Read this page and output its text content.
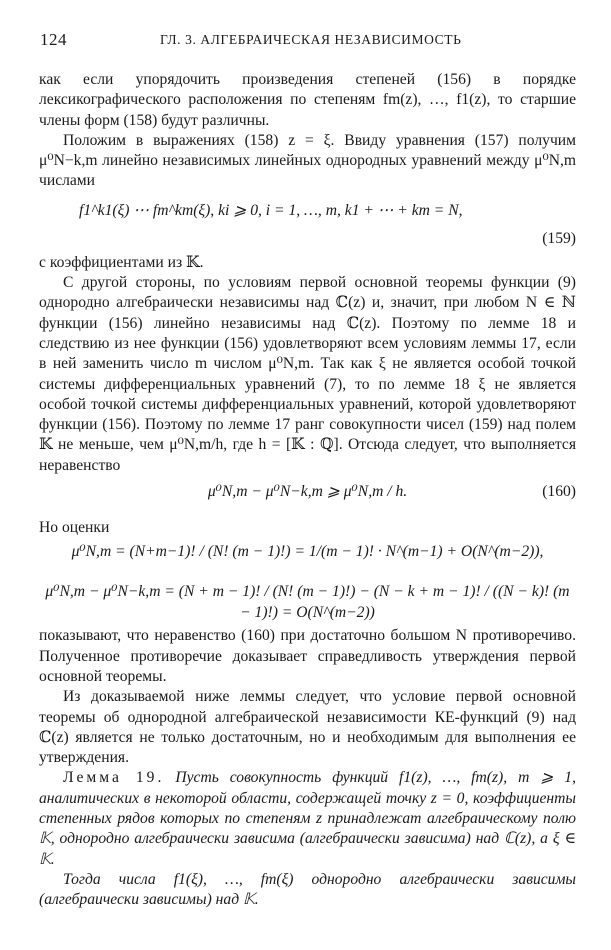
124	ГЛ. 3. АЛГЕБРАИЧЕСКАЯ НЕЗАВИСИМОСТЬ

как если упорядочить произведения степеней (156) в порядке лексикографического расположения по степеням fm(z), …, f1(z), то старшие члены форм (158) будут различны.

Положим в выражениях (158) z = ξ. Ввиду уравнения (157) получим μ⁰N−k,m линейно независимых линейных однородных уравнений между μ⁰N,m числами

f1^k1(ξ) ⋯ fm^km(ξ), ki ⩾ 0, i = 1, …, m, k1 + ⋯ + km = N,
(159)

с коэффициентами из 𝕂.

С другой стороны, по условиям первой основной теоремы функции (9) однородно алгебраически независимы над ℂ(z) и, значит, при любом N ∈ ℕ функции (156) линейно независимы над ℂ(z). Поэтому по лемме 18 и следствию из нее функции (156) удовлетворяют всем условиям леммы 17, если в ней заменить число m числом μ⁰N,m. Так как ξ не является особой точкой системы дифференциальных уравнений (7), то по лемме 18 ξ не является особой точкой системы дифференциальных уравнений, которой удовлетворяют функции (156). Поэтому по лемме 17 ранг совокупности чисел (159) над полем 𝕂 не меньше, чем μ⁰N,m/h, где h = [𝕂 : ℚ]. Отсюда следует, что выполняется неравенство

μ⁰N,m − μ⁰N−k,m ⩾ μ⁰N,m / h.	(160)

Но оценки

μ⁰N,m = (N+m−1)! / (N! (m − 1)!) = 1/(m − 1)! · N^(m−1) + O(N^(m−2)),
μ⁰N,m − μ⁰N−k,m = (N + m − 1)! / (N! (m − 1)!) − (N − k + m − 1)! / ((N − k)! (m − 1)!) = O(N^(m−2))

показывают, что неравенство (160) при достаточно большом N противоречиво. Полученное противоречие доказывает справедливость утверждения первой основной теоремы.

Из доказываемой ниже леммы следует, что условие первой основной теоремы об однородной алгебраической независимости КЕ-функций (9) над ℂ(z) является не только достаточным, но и необходимым для выполнения ее утверждения.

Лемма 19. Пусть совокупность функций f1(z), …, fm(z), m ⩾ 1, аналитических в некоторой области, содержащей точку z = 0, коэффициенты степенных рядов которых по степеням z принадлежат алгебраическому полю 𝕂, однородно алгебраически зависима (алгебраически зависима) над ℂ(z), а ξ ∈ 𝕂.

Тогда числа f1(ξ), …, fm(ξ) однородно алгебраически зависимы (алгебраически зависимы) над 𝕂.
